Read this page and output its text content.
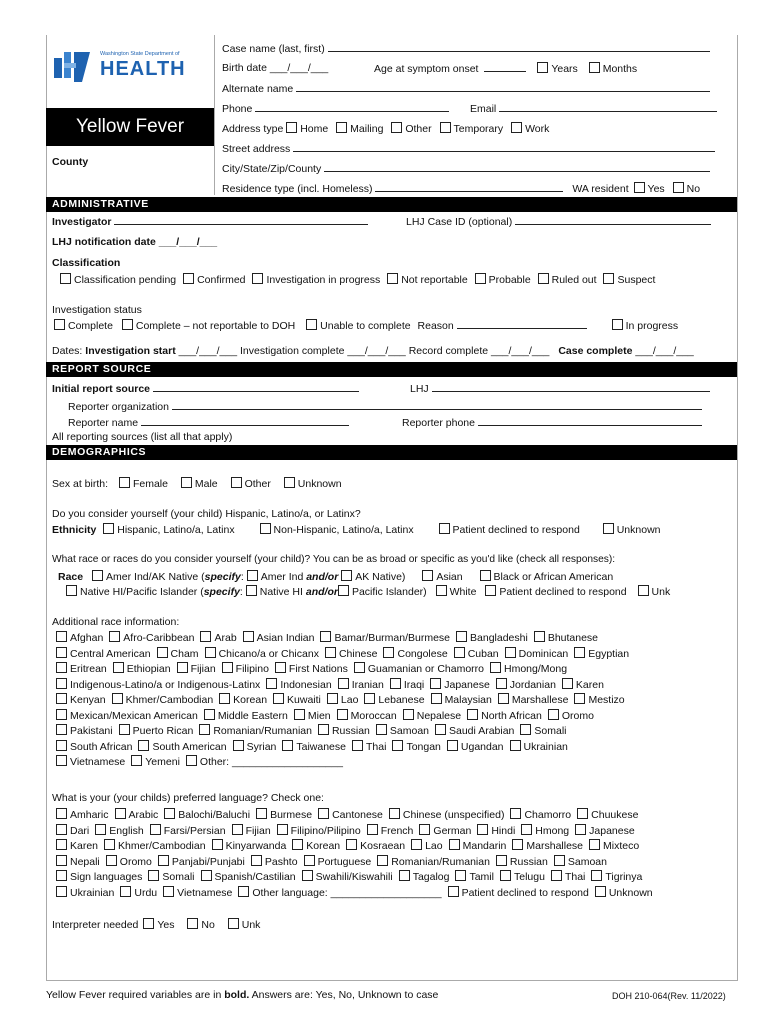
Washington State Department of
HEALTH
Yellow Fever
County
Case name (last, first)
Birth date ___/___/___	Age at symptom onset	Years Months
Alternate name
Phone	Email
Address type Home Mailing Other Temporary Work
Street address
City/State/Zip/County
Residence type (incl. Homeless)	WA resident Yes No
ADMINISTRATIVE
Investigator	LHJ Case ID (optional)
LHJ notification date ___/___/___
Classification
Classification pending Confirmed Investigation in progress Not reportable Probable Ruled out Suspect
Investigation status
Complete Complete – not reportable to DOH Unable to complete Reason	In progress
Dates: Investigation start ___/___/___ Investigation complete ___/___/___ Record complete ___/___/___ Case complete ___/___/___
REPORT SOURCE
Initial report source	LHJ
Reporter organization
Reporter name	Reporter phone
All reporting sources (list all that apply)
DEMOGRAPHICS
Sex at birth: Female	Male	Other	Unknown
Do you consider yourself (your child) Hispanic, Latino/a, or Latinx?
Ethnicity Hispanic, Latino/a, Latinx	Non-Hispanic, Latino/a, Latinx	Patient declined to respond	Unknown
What race or races do you consider yourself (your child)? You can be as broad or specific as you'd like (check all responses):
Race Amer Ind/AK Native (specify: Amer Ind and/or AK Native)	Asian	Black or African American
Native HI/Pacific Islander (specify: Native HI and/or Pacific Islander) White Patient declined to respond Unk
Additional race information:
Afghan Afro-Caribbean Arab Asian Indian Bamar/Burman/Burmese Bangladeshi Bhutanese
Central American Cham Chicano/a or Chicanx Chinese Congolese Cuban Dominican Egyptian
Eritrean Ethiopian Fijian Filipino First Nations Guamanian or Chamorro Hmong/Mong
Indigenous-Latino/a or Indigenous-Latinx Indonesian Iranian Iraqi Japanese Jordanian Karen
Kenyan Khmer/Cambodian Korean Kuwaiti Lao Lebanese Malaysian Marshallese Mestizo
Mexican/Mexican American Middle Eastern Mien Moroccan Nepalese North African Oromo
Pakistani Puerto Rican Romanian/Rumanian Russian Samoan Saudi Arabian Somali
South African South American Syrian Taiwanese Thai Tongan Ugandan Ukrainian
Vietnamese Yemeni Other: ___________________
What is your (your childs) preferred language? Check one:
Amharic Arabic Balochi/Baluchi Burmese Cantonese Chinese (unspecified) Chamorro Chuukese
Dari English Farsi/Persian Fijian Filipino/Pilipino French German Hindi Hmong Japanese
Karen Khmer/Cambodian Kinyarwanda Korean Kosraean Lao Mandarin Marshallese Mixteco
Nepali Oromo Panjabi/Punjabi Pashto Portuguese Romanian/Rumanian Russian Samoan
Sign languages Somali Spanish/Castilian Swahili/Kiswahili Tagalog Tamil Telugu Thai Tigrinya
Ukrainian Urdu Vietnamese Other language: ___________________ Patient declined to respond Unknown
Interpreter needed Yes	No	Unk
Yellow Fever required variables are in bold. Answers are: Yes, No, Unknown to case	DOH 210-064(Rev. 11/2022)
